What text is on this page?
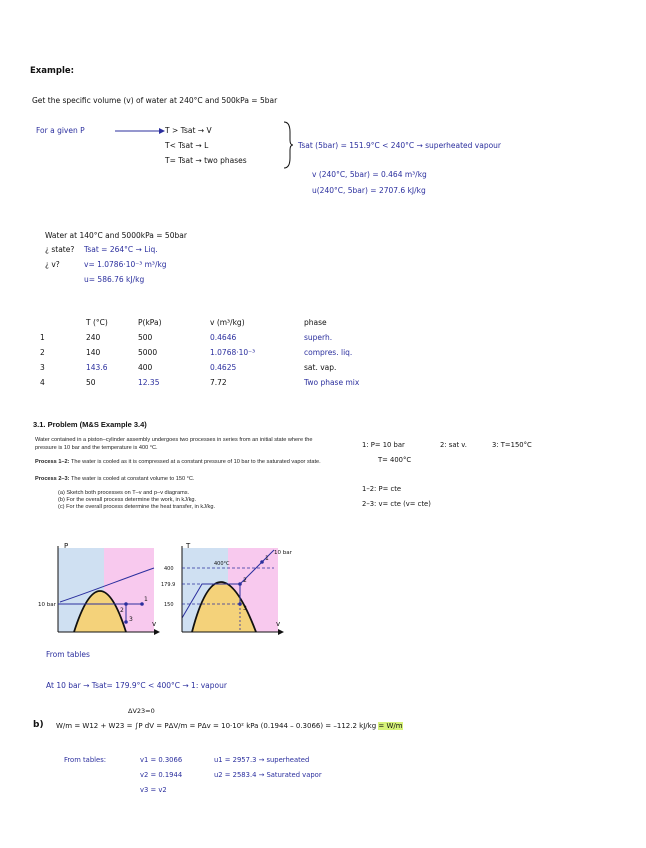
Example:
Get the specific volume (v) of water at 240°C and 500kPa = 5bar
For a given P	T > Tsat → V
T< Tsat → L
T= Tsat → two phases
Tsat (5bar) = 151.9°C < 240°C → superheated vapour
v (240°C, 5bar) = 0.464 m³/kg
u(240°C, 5bar) = 2707.6 kJ/kg
Water at 140°C and 5000kPa = 50bar
¿ state? Tsat = 264°C → Liq.
¿ v?	v= 1.0786·10⁻³ m³/kg
u= 586.76 kJ/kg
	T (°C)	P(kPa)	v (m³/kg)	phase
1	240	500	0.4646	superh.
2	140	5000	1.0768·10⁻³	compres. liq.
3	143.6	400	0.4625	sat. vap.
4	50	12.35	7.72	Two phase mix
3.1. Problem (M&S Example 3.4)
Water contained in a piston–cylinder assembly undergoes two processes in series from an initial state where the pressure is 10 bar and the temperature is 400 °C.
Process 1–2: The water is cooled as it is compressed at a constant pressure of 10 bar to the saturated vapor state.
Process 2–3: The water is cooled at constant volume to 150 °C.
(a) Sketch both processes on T–v and p–v diagrams.
(b) For the overall process determine the work, in kJ/kg.
(c) For the overall process determine the heat transfer, in kJ/kg.
1: P= 10 bar
T= 400°C
2: sat v.	3: T=150°C
1–2: P= cte
2–3: v= cte (v= cte)
P
v
10 bar
1
2
3
T
v
10 bar
400
179.9
150
400°C
1
2
3
From tables
At 10 bar → Tsat= 179.9°C < 400°C → 1: vapour
b)
ΔV23=0
W/m = W12 + W23 = ∫P dV = PΔV/m = PΔv = 10·10² kPa (0.1944 – 0.3066) = –112.2 kJ/kg = W/m
From tables:	v1 = 0.3066
v2 = 0.1944
v3 = v2
u1 = 2957.3 → superheated
u2 = 2583.4 → Saturated vapor
